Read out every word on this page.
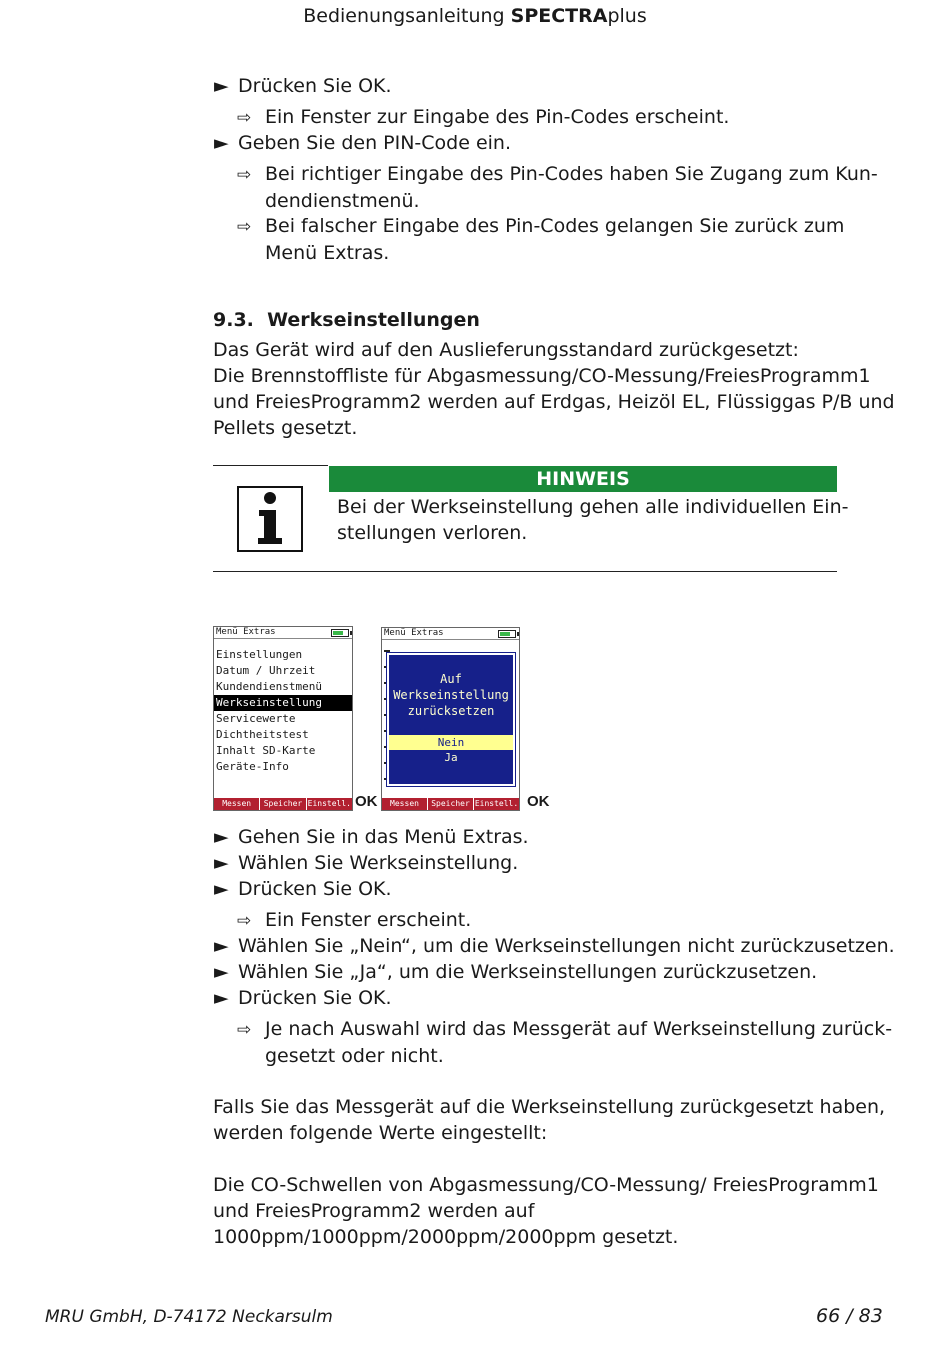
Bedienungsanleitung SPECTRAplus
► Drücken Sie OK.
⇨ Ein Fenster zur Eingabe des Pin-Codes erscheint.
► Geben Sie den PIN-Code ein.
⇨ Bei richtiger Eingabe des Pin-Codes haben Sie Zugang zum Kun-
dendienstmenü.
⇨ Bei falscher Eingabe des Pin-Codes gelangen Sie zurück zum
Menü Extras.
9.3. Werkseinstellungen
Das Gerät wird auf den Auslieferungsstandard zurückgesetzt:
Die Brennstoffliste für Abgasmessung/CO-Messung/FreiesProgramm1
und FreiesProgramm2 werden auf Erdgas, Heizöl EL, Flüssiggas P/B und
Pellets gesetzt.
HINWEIS
Bei der Werkseinstellung gehen alle individuellen Ein-
stellungen verloren.
Menü Extras
Einstellungen
Datum / Uhrzeit
Kundendienstmenü
Werkseinstellung
Servicewerte
Dichtheitstest
Inhalt SD-Karte
Geräte-Info
Messen	Speicher Einstell. OK
Menü Extras
Auf
Werkseinstellung
zurücksetzen
Nein
Ja
Messen	Speicher Einstell. OK
► Gehen Sie in das Menü Extras.
► Wählen Sie Werkseinstellung.
► Drücken Sie OK.
⇨ Ein Fenster erscheint.
► Wählen Sie „Nein“, um die Werkseinstellungen nicht zurückzusetzen.
► Wählen Sie „Ja“, um die Werkseinstellungen zurückzusetzen.
► Drücken Sie OK.
⇨ Je nach Auswahl wird das Messgerät auf Werkseinstellung zurück-
gesetzt oder nicht.
Falls Sie das Messgerät auf die Werkseinstellung zurückgesetzt haben,
werden folgende Werte eingestellt:
Die CO-Schwellen von Abgasmessung/CO-Messung/ FreiesProgramm1
und FreiesProgramm2 werden auf
1000ppm/1000ppm/2000ppm/2000ppm gesetzt.
MRU GmbH, D-74172 Neckarsulm	66 / 83
